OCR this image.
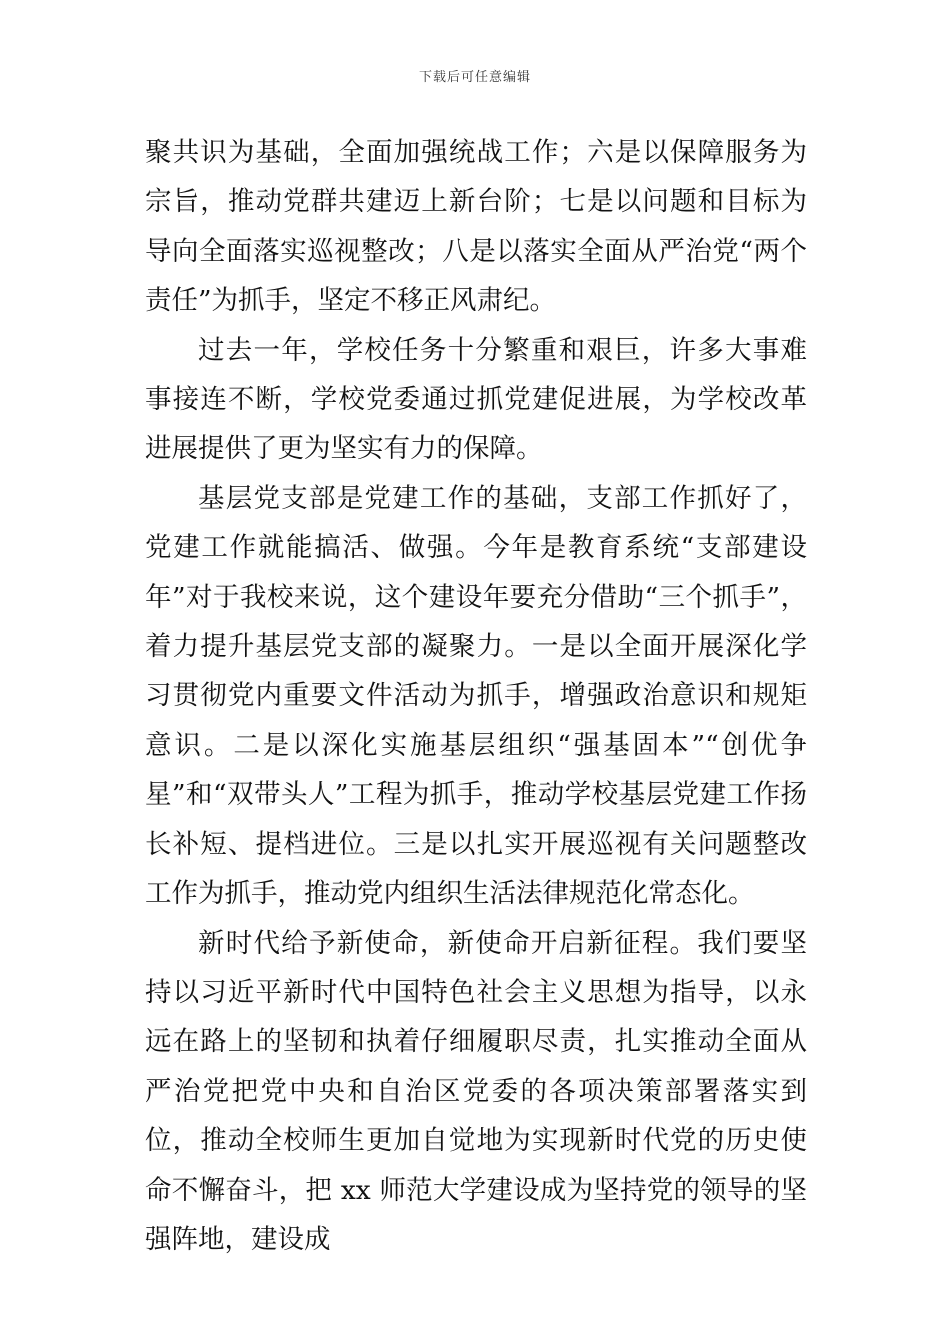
下载后可任意编辑

聚共识为基础，全面加强统战工作；六是以保障服务为宗旨，推动党群共建迈上新台阶；七是以问题和目标为导向全面落实巡视整改；八是以落实全面从严治党“两个责任”为抓手，坚定不移正风肃纪。

过去一年，学校任务十分繁重和艰巨，许多大事难事接连不断，学校党委通过抓党建促进展，为学校改革进展提供了更为坚实有力的保障。

基层党支部是党建工作的基础，支部工作抓好了，党建工作就能搞活、做强。今年是教育系统“支部建设年”对于我校来说，这个建设年要充分借助“三个抓手”，着力提升基层党支部的凝聚力。一是以全面开展深化学习贯彻党内重要文件活动为抓手，增强政治意识和规矩意识。二是以深化实施基层组织“强基固本”“创优争星”和“双带头人”工程为抓手，推动学校基层党建工作扬长补短、提档进位。三是以扎实开展巡视有关问题整改工作为抓手，推动党内组织生活法律规范化常态化。

新时代给予新使命，新使命开启新征程。我们要坚持以习近平新时代中国特色社会主义思想为指导，以永远在路上的坚韧和执着仔细履职尽责，扎实推动全面从严治党把党中央和自治区党委的各项决策部署落实到位，推动全校师生更加自觉地为实现新时代党的历史使命不懈奋斗，把 xx 师范大学建设成为坚持党的领导的坚强阵地，建设成
